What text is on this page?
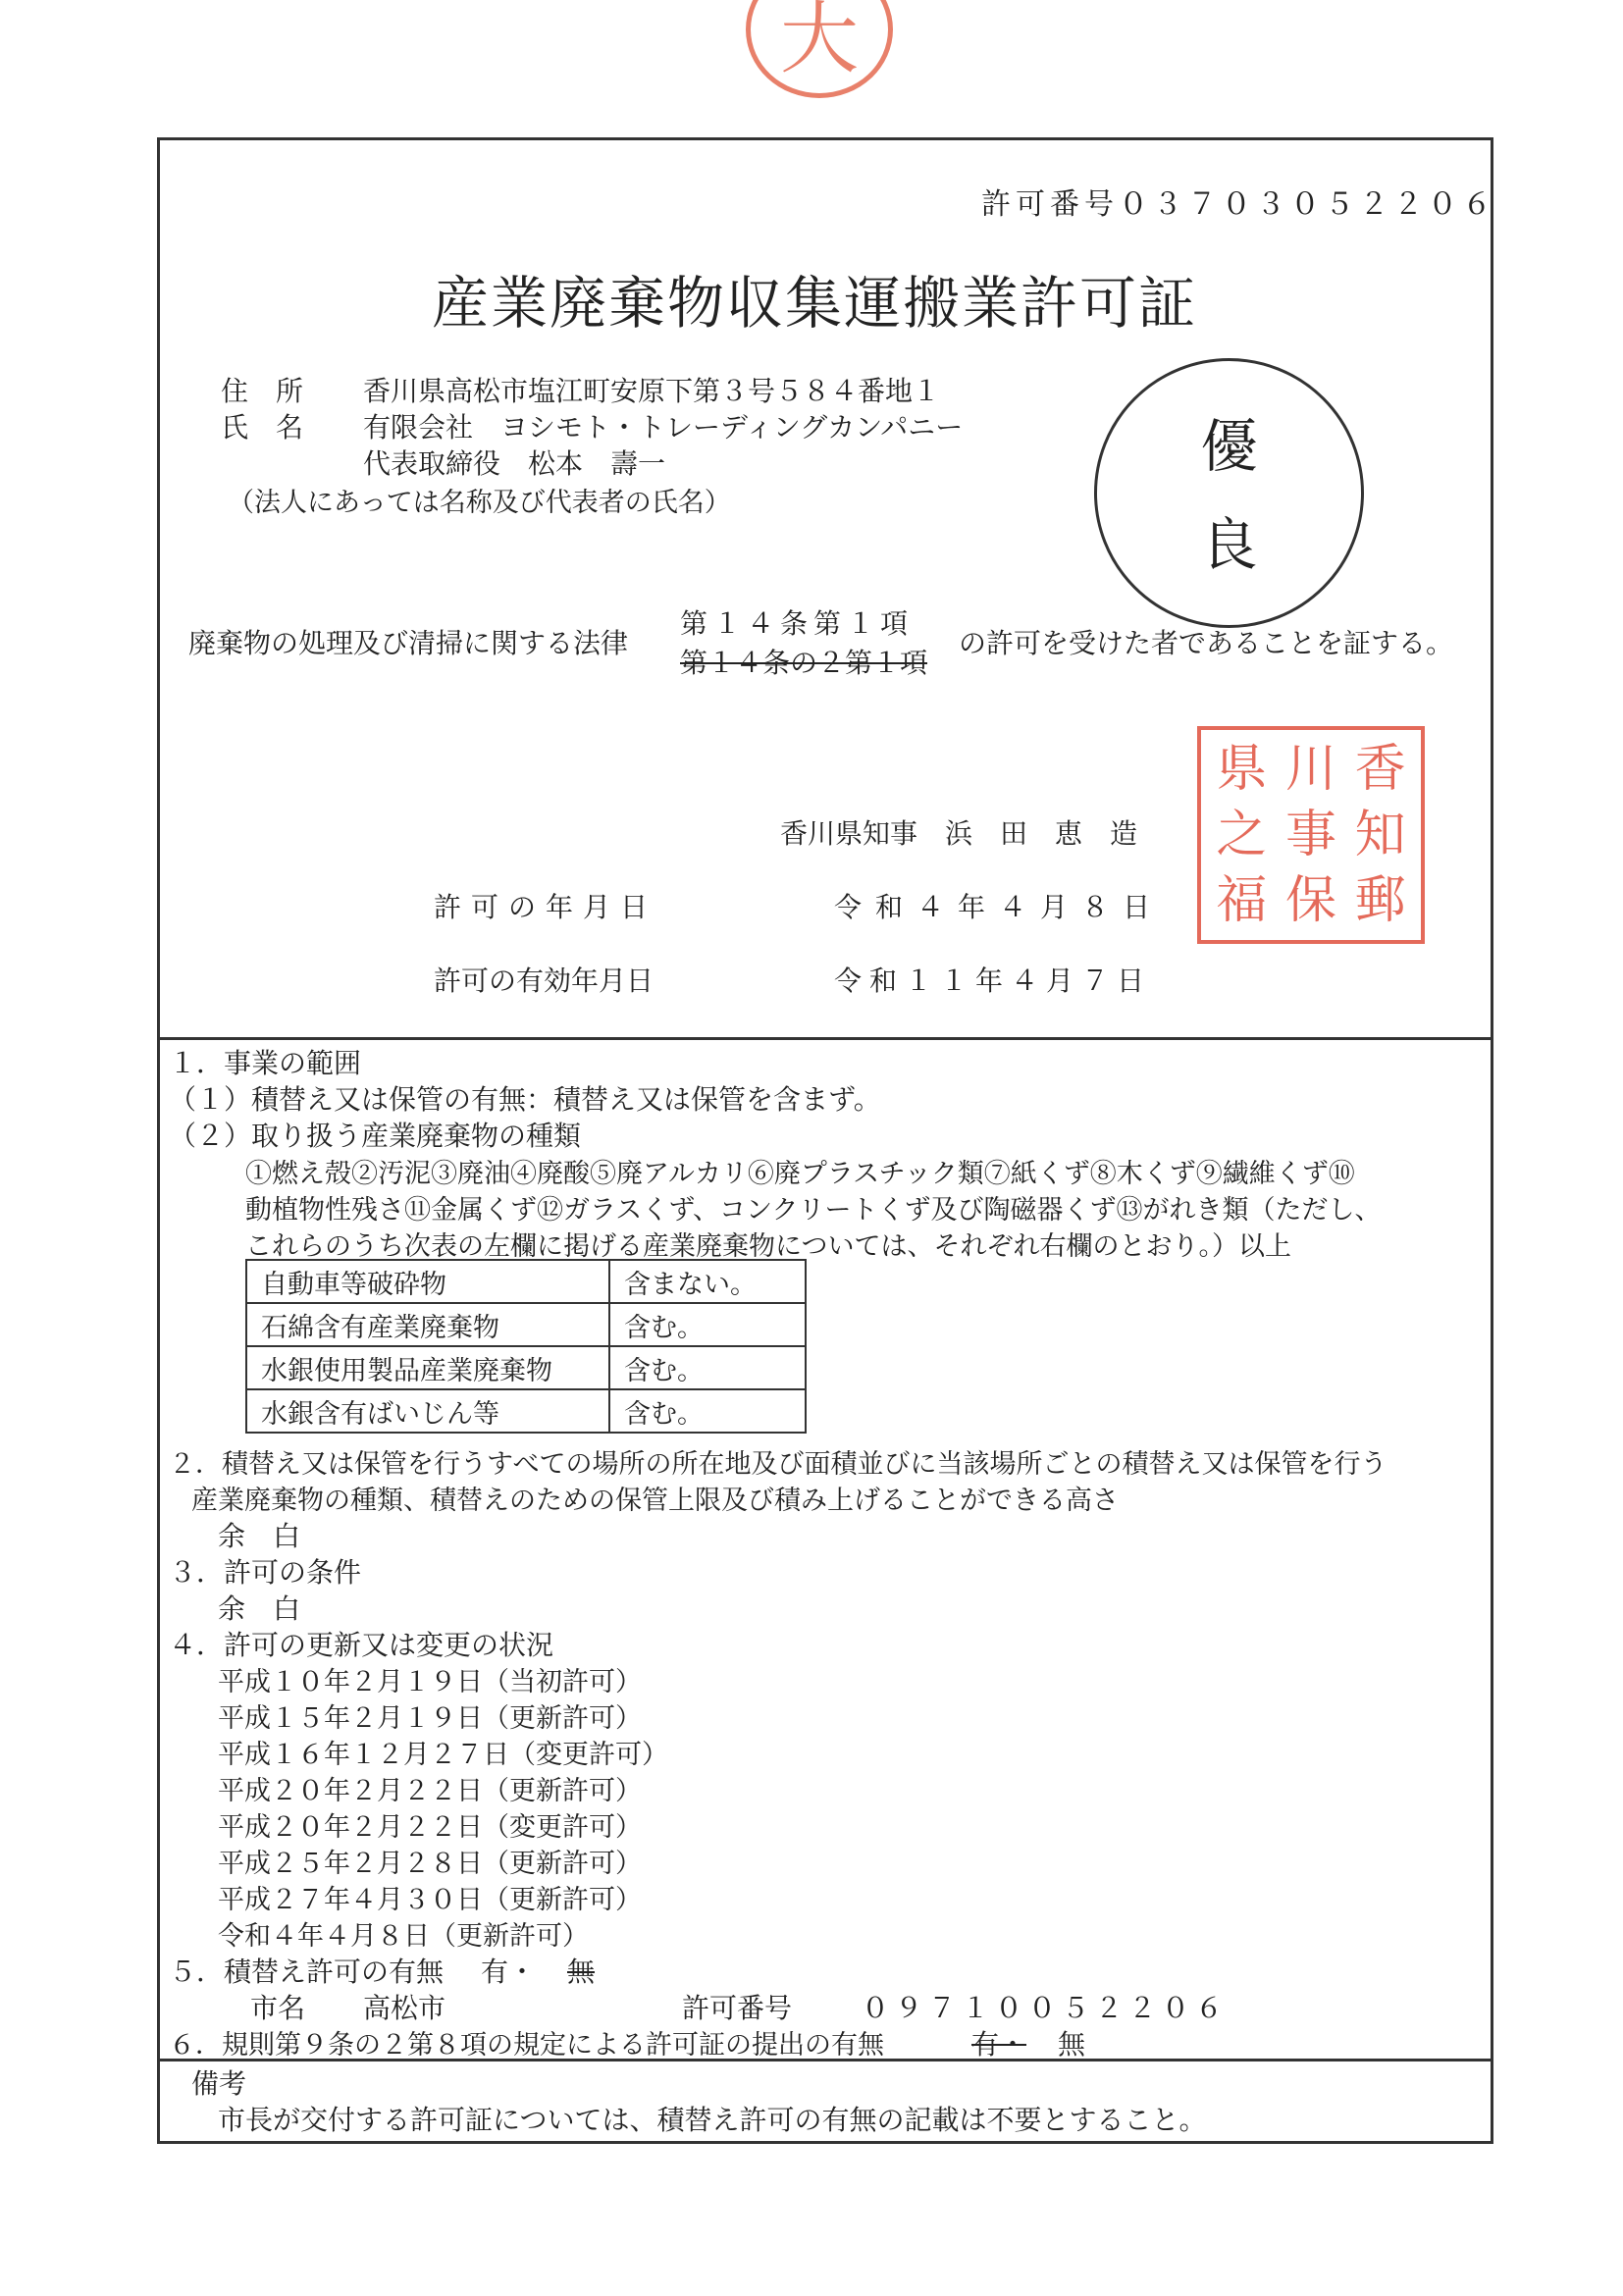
大
許可番号０３７０３０５２２０６
産業廃棄物収集運搬業許可証
住　所 香川県高松市塩江町安原下第３号５８４番地１
氏　名 有限会社　ヨシモト・トレーディングカンパニー
代表取締役　松本　壽一
（法人にあっては名称及び代表者の氏名）
優
良
廃棄物の処理及び清掃に関する法律
第１４条第１項
第１４条の２第１項
の許可を受けた者であることを証する。
香川県知事　浜　田　恵　造
県 川 香
之 事 知
福 保 郵
許可の年月日	令和４年４月８日
許可の有効年月日	令和１１年４月７日
１．事業の範囲
（１）積替え又は保管の有無：積替え又は保管を含まず。
（２）取り扱う産業廃棄物の種類
①燃え殻②汚泥③廃油④廃酸⑤廃アルカリ⑥廃プラスチック類⑦紙くず⑧木くず⑨繊維くず⑩
動植物性残さ⑪金属くず⑫ガラスくず、コンクリートくず及び陶磁器くず⑬がれき類（ただし、
これらのうち次表の左欄に掲げる産業廃棄物については、それぞれ右欄のとおり。）以上
自動車等破砕物	含まない。
石綿含有産業廃棄物	含む。
水銀使用製品産業廃棄物	含む。
水銀含有ばいじん等	含む。
２．積替え又は保管を行うすべての場所の所在地及び面積並びに当該場所ごとの積替え又は保管を行う
産業廃棄物の種類、積替えのための保管上限及び積み上げることができる高さ
余　白
３．許可の条件
余　白
４．許可の更新又は変更の状況
平成１０年２月１９日（当初許可）
平成１５年２月１９日（更新許可）
平成１６年１２月２７日（変更許可）
平成２０年２月２２日（更新許可）
平成２０年２月２２日（変更許可）
平成２５年２月２８日（更新許可）
平成２７年４月３０日（更新許可）
令和４年４月８日（更新許可）
５．積替え許可の有無 有・ 無
市名 高松市	許可番号	０９７１００５２２０６
６．規則第９条の２第８項の規定による許可証の提出の有無	有・ 無
備考
市長が交付する許可証については、積替え許可の有無の記載は不要とすること。
